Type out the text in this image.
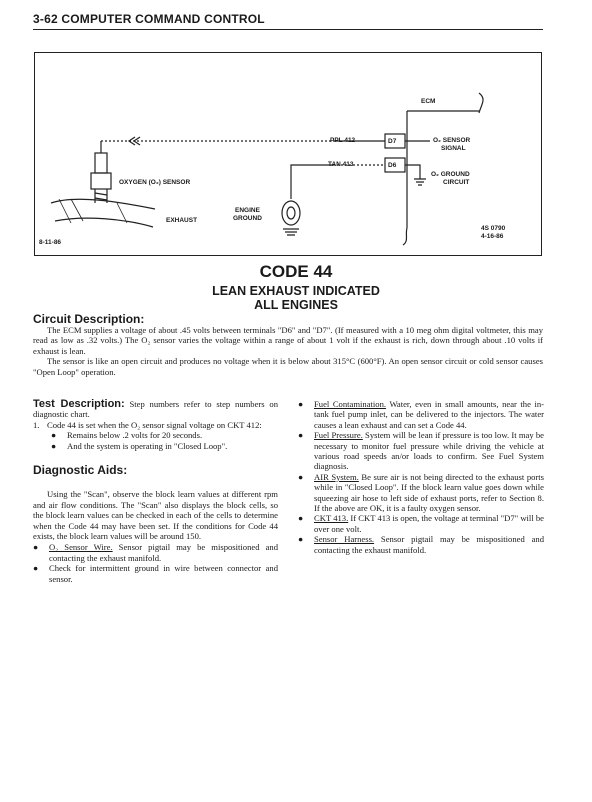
3-62 COMPUTER COMMAND CONTROL
ECM
PPL 412
TAN 413
D7
D6
O₂ SENSOR
SIGNAL
O₂ GROUND
CIRCUIT
OXYGEN (O₂) SENSOR
EXHAUST
ENGINE
GROUND
4S 0790
4-16-86
8-11-86
CODE 44
LEAN EXHAUST INDICATED
ALL ENGINES
Circuit Description:

The ECM supplies a voltage of about .45 volts between terminals "D6" and "D7". (If measured with a 10 meg ohm digital voltmeter, this may read as low as .32 volts.) The O₂ sensor varies the voltage within a range of about 1 volt if the exhaust is rich, down through about .10 volts if exhaust is lean.

The sensor is like an open circuit and produces no voltage when it is below about 315°C (600°F). An open sensor circuit or cold sensor causes "Open Loop" operation.

Test Description: Step numbers refer to step numbers on diagnostic chart.

1. Code 44 is set when the O₂ sensor signal voltage on CKT 412:

● Remains below .2 volts for 20 seconds.

● And the system is operating in "Closed Loop".

Diagnostic Aids:

Using the "Scan", observe the block learn values at different rpm and air flow conditions. The "Scan" also displays the block cells, so the block learn values can be checked in each of the cells to determine when the Code 44 may have been set. If the conditions for Code 44 exists, the block learn values will be around 150.

● O₂ Sensor Wire. Sensor pigtail may be mispositioned and contacting the exhaust manifold.

● Check for intermittent ground in wire between connector and sensor.

● Fuel Contamination. Water, even in small amounts, near the in-tank fuel pump inlet, can be delivered to the injectors. The water causes a lean exhaust and can set a Code 44.

● Fuel Pressure. System will be lean if pressure is too low. It may be necessary to monitor fuel pressure while driving the vehicle at various road speeds an/or loads to confirm. See Fuel System diagnosis.

● AIR System. Be sure air is not being directed to the exhaust ports while in "Closed Loop". If the block learn value goes down while squeezing air hose to left side of exhaust ports, refer to Section 8. If the above are OK, it is a faulty oxygen sensor.

● CKT 413. If CKT 413 is open, the voltage at terminal "D7" will be over one volt.

● Sensor Harness. Sensor pigtail may be mispositioned and contacting the exhaust manifold.
